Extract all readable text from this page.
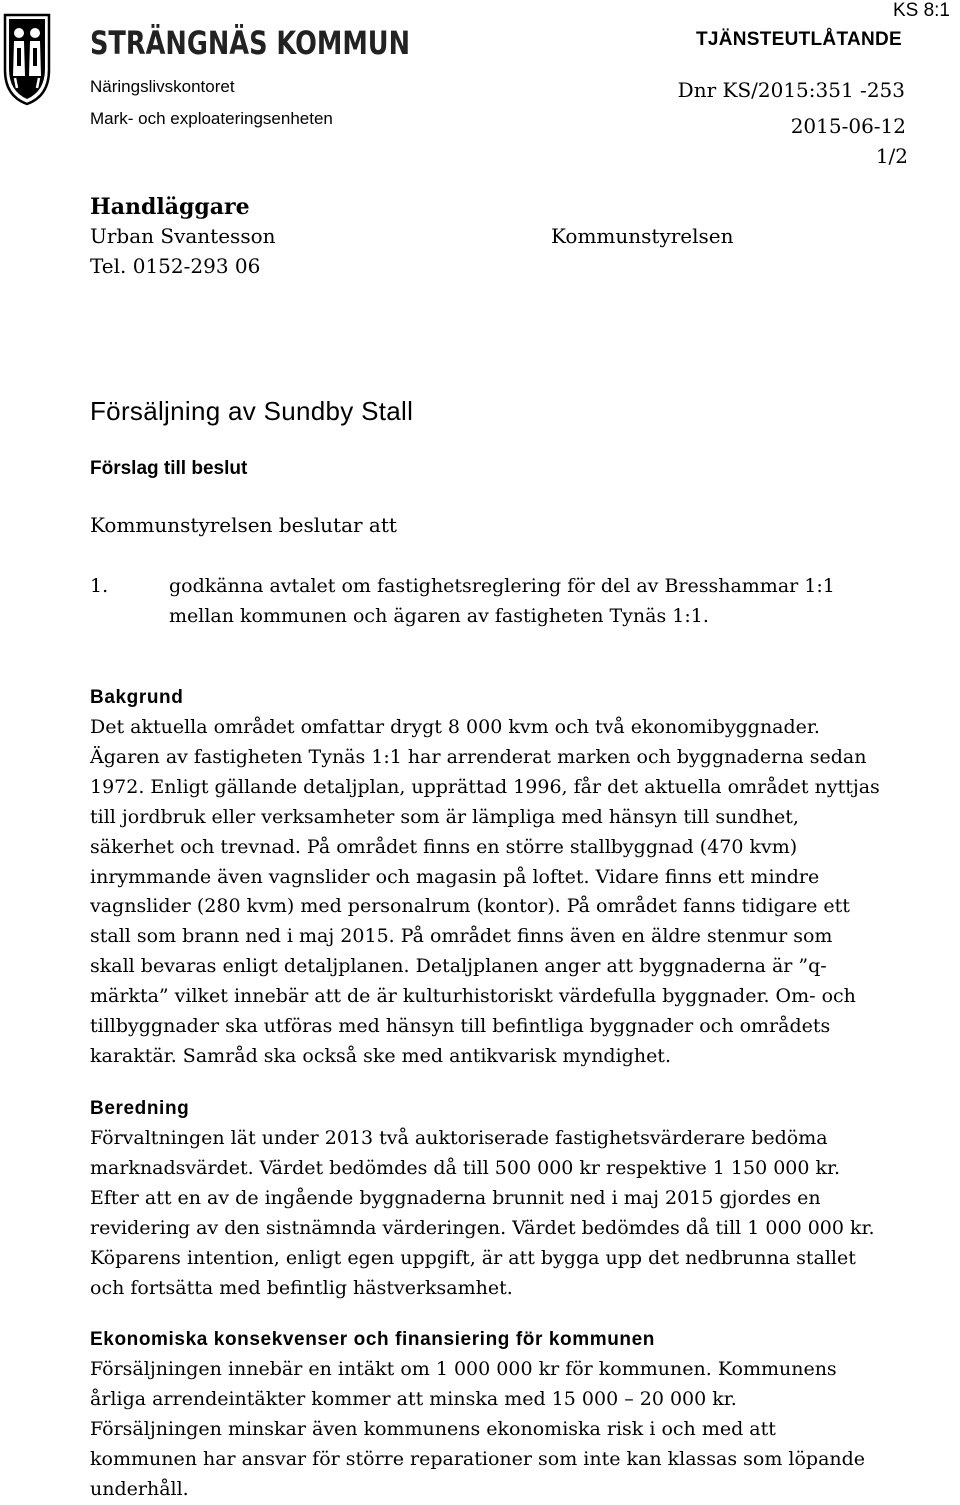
KS 8:1
STRÄNGNÄS KOMMUN
Näringslivskontoret
Mark- och exploateringsenheten
TJÄNSTEUTLÅTANDE
Dnr KS/2015:351 -253
2015-06-12
1/2
Handläggare
Urban Svantesson
Tel. 0152-293 06
Kommunstyrelsen
Försäljning av Sundby Stall
Förslag till beslut
Kommunstyrelsen beslutar att
1.	godkänna avtalet om fastighetsreglering för del av Bresshammar 1:1
mellan kommunen och ägaren av fastigheten Tynäs 1:1.
Bakgrund
Det aktuella området omfattar drygt 8 000 kvm och två ekonomibyggnader.
Ägaren av fastigheten Tynäs 1:1 har arrenderat marken och byggnaderna sedan
1972. Enligt gällande detaljplan, upprättad 1996, får det aktuella området nyttjas
till jordbruk eller verksamheter som är lämpliga med hänsyn till sundhet,
säkerhet och trevnad. På området finns en större stallbyggnad (470 kvm)
inrymmande även vagnslider och magasin på loftet. Vidare finns ett mindre
vagnslider (280 kvm) med personalrum (kontor). På området fanns tidigare ett
stall som brann ned i maj 2015. På området finns även en äldre stenmur som
skall bevaras enligt detaljplanen. Detaljplanen anger att byggnaderna är ”q-
märkta” vilket innebär att de är kulturhistoriskt värdefulla byggnader. Om- och
tillbyggnader ska utföras med hänsyn till befintliga byggnader och områdets
karaktär. Samråd ska också ske med antikvarisk myndighet.
Beredning
Förvaltningen lät under 2013 två auktoriserade fastighetsvärderare bedöma
marknadsvärdet. Värdet bedömdes då till 500 000 kr respektive 1 150 000 kr.
Efter att en av de ingående byggnaderna brunnit ned i maj 2015 gjordes en
revidering av den sistnämnda värderingen. Värdet bedömdes då till 1 000 000 kr.
Köparens intention, enligt egen uppgift, är att bygga upp det nedbrunna stallet
och fortsätta med befintlig hästverksamhet.
Ekonomiska konsekvenser och finansiering för kommunen
Försäljningen innebär en intäkt om 1 000 000 kr för kommunen. Kommunens
årliga arrendeintäkter kommer att minska med 15 000 – 20 000 kr.
Försäljningen minskar även kommunens ekonomiska risk i och med att
kommunen har ansvar för större reparationer som inte kan klassas som löpande
underhåll.
